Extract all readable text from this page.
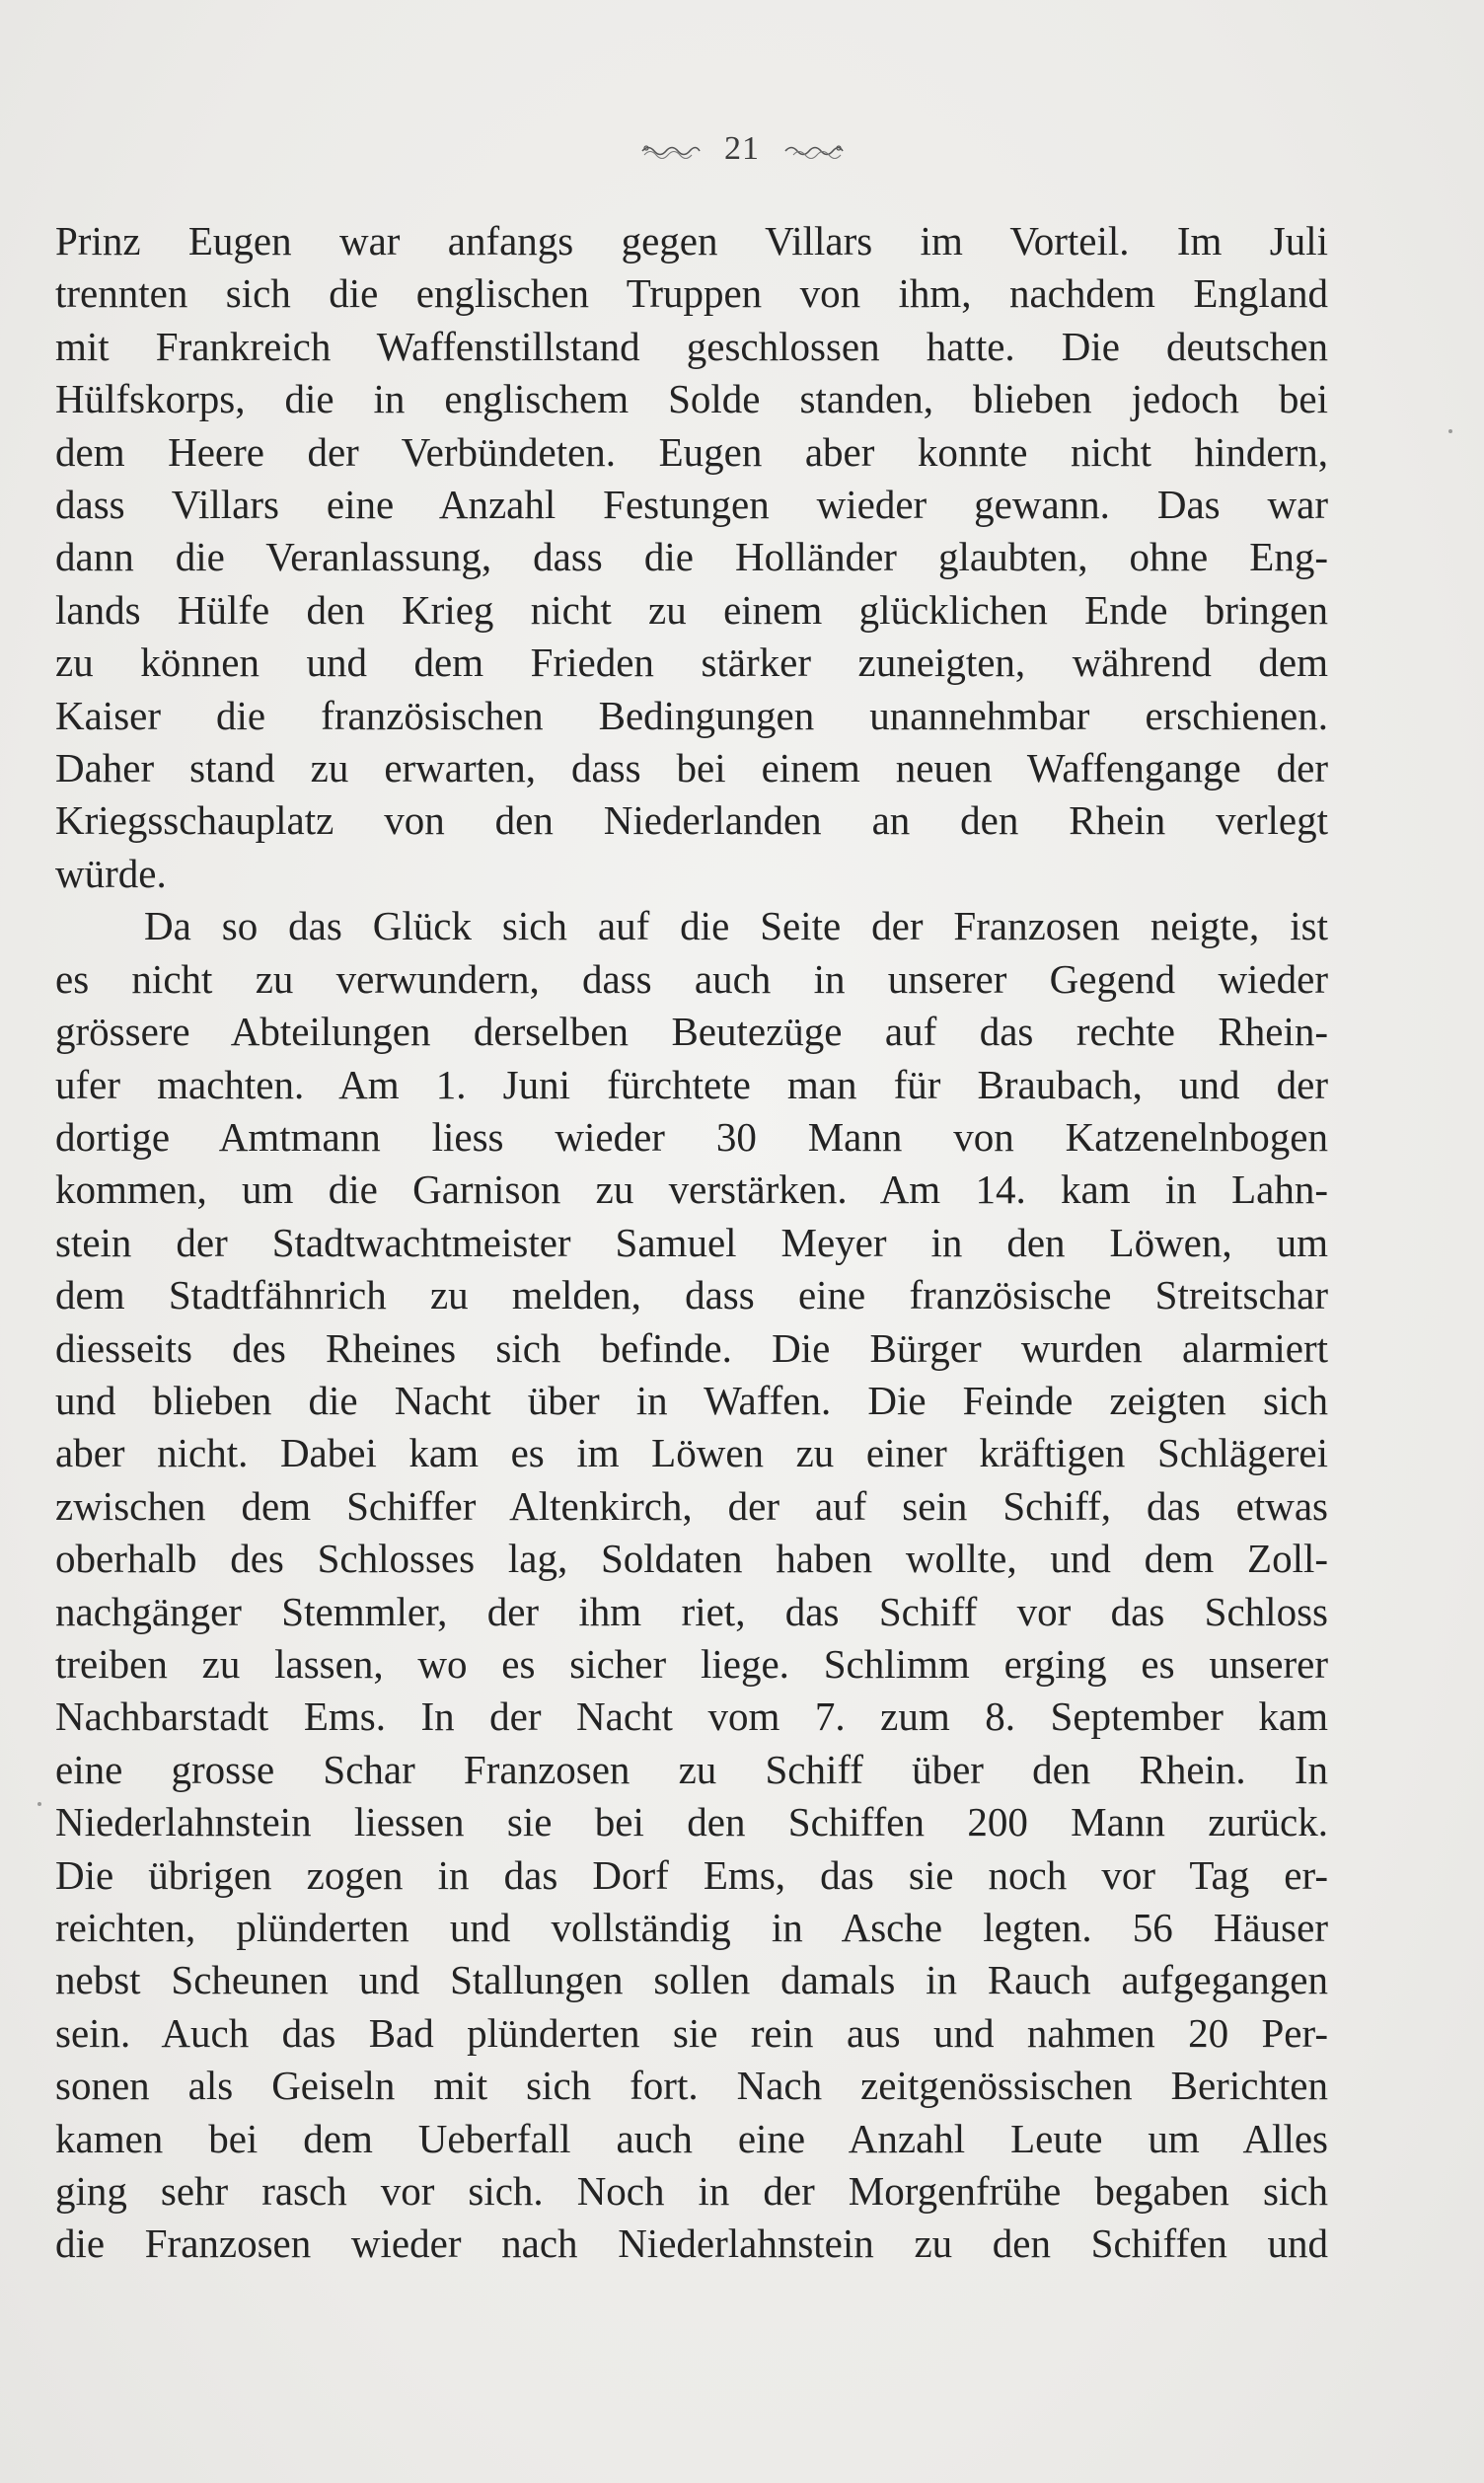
21

Prinz Eugen war anfangs gegen Villars im Vorteil. Im Juli
trennten sich die englischen Truppen von ihm, nachdem England
mit Frankreich Waffenstillstand geschlossen hatte. Die deutschen
Hülfskorps, die in englischem Solde standen, blieben jedoch bei
dem Heere der Verbündeten. Eugen aber konnte nicht hindern,
dass Villars eine Anzahl Festungen wieder gewann. Das war
dann die Veranlassung, dass die Holländer glaubten, ohne Eng-
lands Hülfe den Krieg nicht zu einem glücklichen Ende bringen
zu können und dem Frieden stärker zuneigten, während dem
Kaiser die französischen Bedingungen unannehmbar erschienen.
Daher stand zu erwarten, dass bei einem neuen Waffengange der
Kriegsschauplatz von den Niederlanden an den Rhein verlegt
würde.

Da so das Glück sich auf die Seite der Franzosen neigte, ist
es nicht zu verwundern, dass auch in unserer Gegend wieder
grössere Abteilungen derselben Beutezüge auf das rechte Rhein-
ufer machten. Am 1. Juni fürchtete man für Braubach, und der
dortige Amtmann liess wieder 30 Mann von Katzenelnbogen
kommen, um die Garnison zu verstärken. Am 14. kam in Lahn-
stein der Stadtwachtmeister Samuel Meyer in den Löwen, um
dem Stadtfähnrich zu melden, dass eine französische Streitschar
diesseits des Rheines sich befinde. Die Bürger wurden alarmiert
und blieben die Nacht über in Waffen. Die Feinde zeigten sich
aber nicht. Dabei kam es im Löwen zu einer kräftigen Schlägerei
zwischen dem Schiffer Altenkirch, der auf sein Schiff, das etwas
oberhalb des Schlosses lag, Soldaten haben wollte, und dem Zoll-
nachgänger Stemmler, der ihm riet, das Schiff vor das Schloss
treiben zu lassen, wo es sicher liege. Schlimm erging es unserer
Nachbarstadt Ems. In der Nacht vom 7. zum 8. September kam
eine grosse Schar Franzosen zu Schiff über den Rhein. In
Niederlahnstein liessen sie bei den Schiffen 200 Mann zurück.
Die übrigen zogen in das Dorf Ems, das sie noch vor Tag er-
reichten, plünderten und vollständig in Asche legten. 56 Häuser
nebst Scheunen und Stallungen sollen damals in Rauch aufgegangen
sein. Auch das Bad plünderten sie rein aus und nahmen 20 Per-
sonen als Geiseln mit sich fort. Nach zeitgenössischen Berichten
kamen bei dem Ueberfall auch eine Anzahl Leute um Alles
ging sehr rasch vor sich. Noch in der Morgenfrühe begaben sich
die Franzosen wieder nach Niederlahnstein zu den Schiffen und
